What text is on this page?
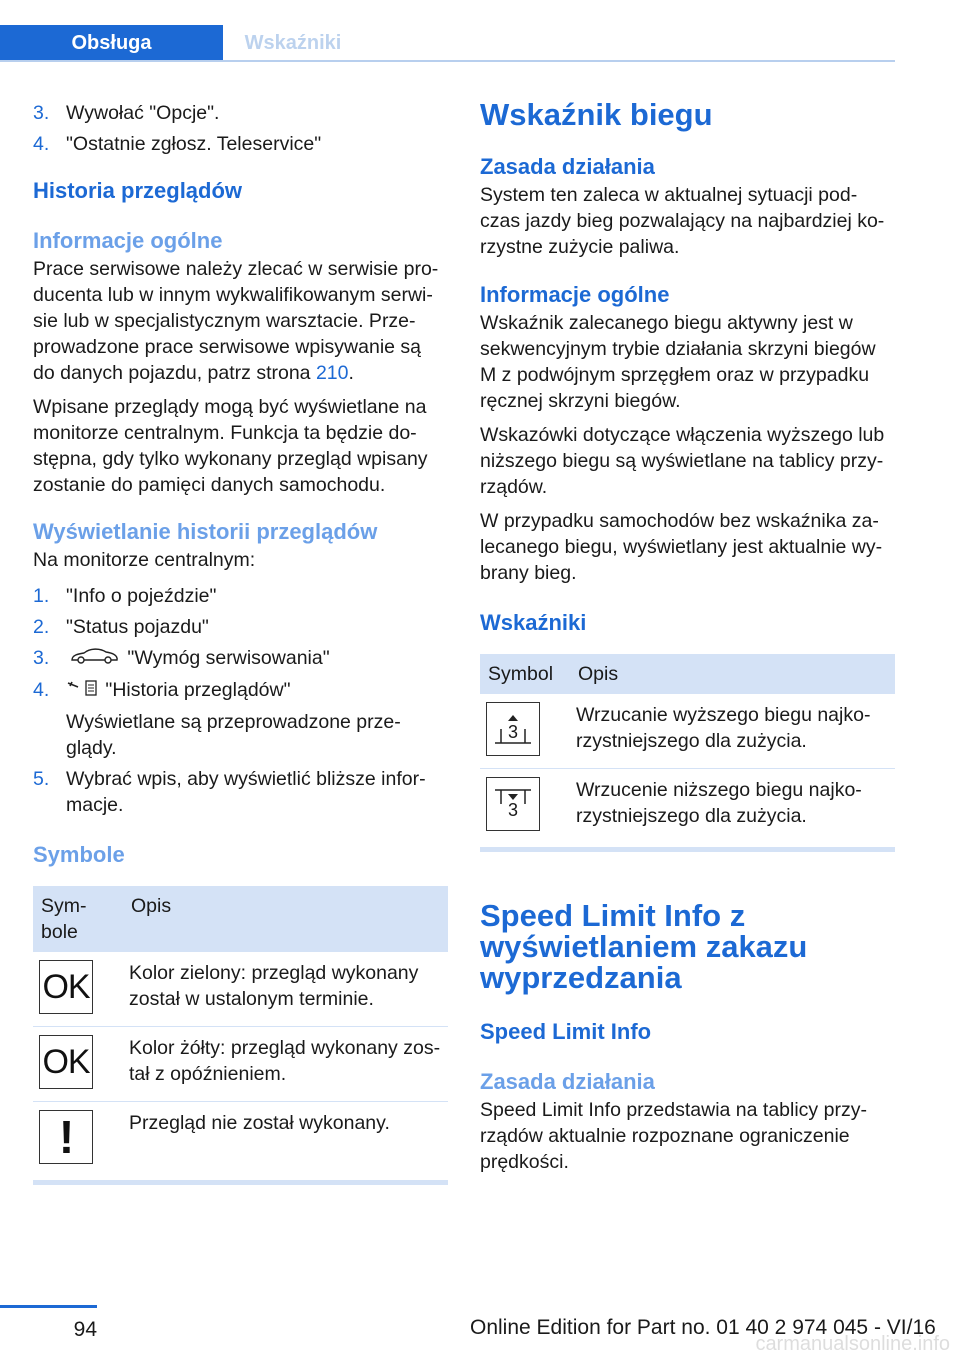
Obsługa	Wskaźniki
3. Wywołać "Opcje".
4. "Ostatnie zgłosz. Teleservice"
Historia przeglądów
Informacje ogólne

Prace serwisowe należy zlecać w serwisie pro-ducenta lub w innym wykwalifikowanym serwi-sie lub w specjalistycznym warsztacie. Prze-prowadzone prace serwisowe wpisywanie są do danych pojazdu, patrz strona 210.

Wpisane przeglądy mogą być wyświetlane na monitorze centralnym. Funkcja ta będzie do-stępna, gdy tylko wykonany przegląd wpisany zostanie do pamięci danych samochodu.

Wyświetlanie historii przeglądów

Na monitorze centralnym:

1. "Info o pojeździe"
2. "Status pojazdu"
3.	"Wymóg serwisowania"
4.	"Historia przeglądów"
Wyświetlane są przeprowadzone prze-glądy.
5. Wybrać wpis, aby wyświetlić bliższe infor-macje.
Symbole
Sym-bole	Opis

OK	Kolor zielony: przegląd wykonany został w ustalonym terminie.

OK	Kolor żółty: przegląd wykonany zos-tał z opóźnieniem.

!	Przegląd nie został wykonany.
Wskaźnik biegu
Zasada działania

System ten zaleca w aktualnej sytuacji pod-czas jazdy bieg pozwalający na najbardziej ko-rzystne zużycie paliwa.

Informacje ogólne

Wskaźnik zalecanego biegu aktywny jest w sekwencyjnym trybie działania skrzyni biegów M z podwójnym sprzęgłem oraz w przypadku ręcznej skrzyni biegów.

Wskazówki dotyczące włączenia wyższego lub niższego biegu są wyświetlane na tablicy przy-rządów.

W przypadku samochodów bez wskaźnika za-lecanego biegu, wyświetlany jest aktualnie wy-brany bieg.

Wskaźniki
Symbol	Opis

3	Wrzucanie wyższego biegu najko-rzystniejszego dla zużycia.

3	Wrzucenie niższego biegu najko-rzystniejszego dla zużycia.
Speed Limit Info z wyświetlaniem zakazu wyprzedzania
Speed Limit Info
Zasada działania

Speed Limit Info przedstawia na tablicy przy-rządów aktualnie rozpoznane ograniczenie prędkości.

94	Online Edition for Part no. 01 40 2 974 045 - VI/16
carmanualsonline.info
